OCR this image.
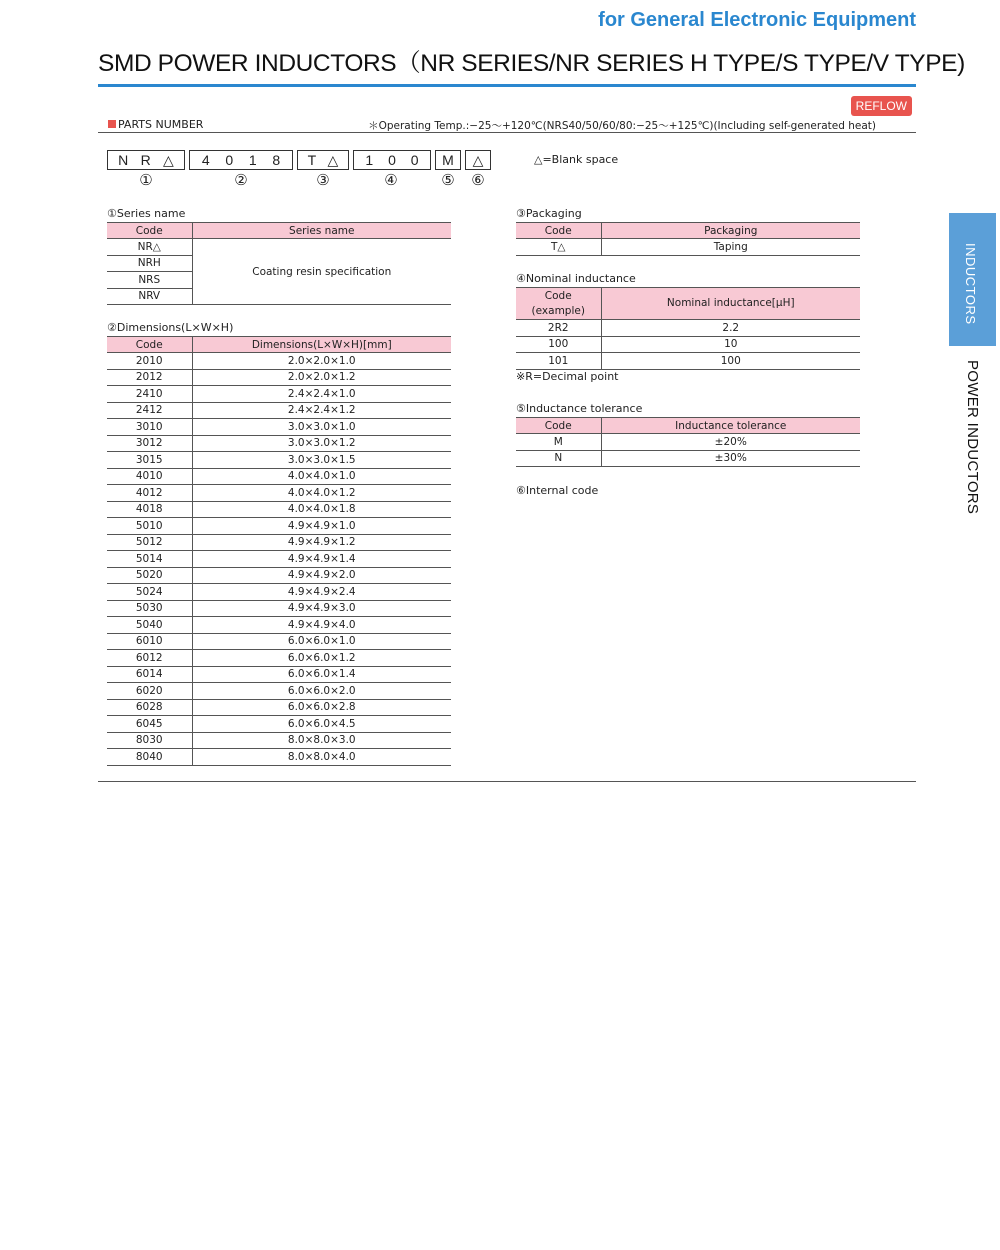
for General Electronic Equipment
SMD POWER INDUCTORS（NR SERIES/NR SERIES H TYPE/S TYPE/V TYPE)
REFLOW
PARTS NUMBER	＊Operating Temp.:−25〜+120℃(NRS40/50/60/80:−25〜+125℃)(Including self-generated heat)
N R △ 4 0 1 8 T △ 1 0 0 M △
①	②	③	④	⑤	⑥
△=Blank space
①Series name
Code	Series name
NR△	Coating resin specification
NRH	
NRS	
NRV	
②Dimensions(L×W×H)
Code	Dimensions(L×W×H)[mm]
2010	2.0×2.0×1.0
2012	2.0×2.0×1.2
2410	2.4×2.4×1.0
2412	2.4×2.4×1.2
3010	3.0×3.0×1.0
3012	3.0×3.0×1.2
3015	3.0×3.0×1.5
4010	4.0×4.0×1.0
4012	4.0×4.0×1.2
4018	4.0×4.0×1.8
5010	4.9×4.9×1.0
5012	4.9×4.9×1.2
5014	4.9×4.9×1.4
5020	4.9×4.9×2.0
5024	4.9×4.9×2.4
5030	4.9×4.9×3.0
5040	4.9×4.9×4.0
6010	6.0×6.0×1.0
6012	6.0×6.0×1.2
6014	6.0×6.0×1.4
6020	6.0×6.0×2.0
6028	6.0×6.0×2.8
6045	6.0×6.0×4.5
8030	8.0×8.0×3.0
8040	8.0×8.0×4.0
③Packaging
Code	Packaging
T△	Taping
④Nominal inductance
Code
(example)	Nominal inductance[μH]
2R2	2.2
100	10
101	100
※R=Decimal point
⑤Inductance tolerance
Code	Inductance tolerance
M	±20%
N	±30%
⑥Internal code
INDUCTORS
POWER INDUCTORS
